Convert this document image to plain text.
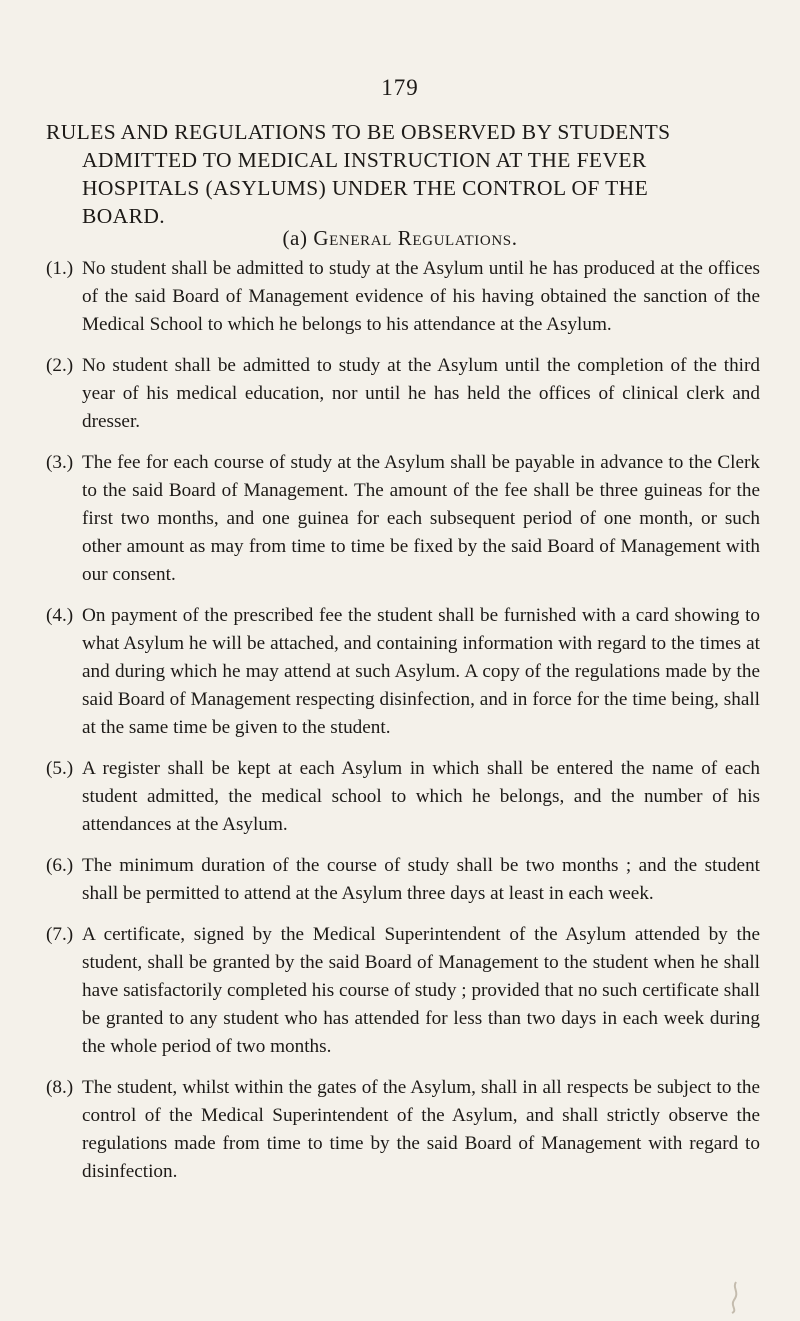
179
RULES AND REGULATIONS TO BE OBSERVED BY STUDENTS
ADMITTED TO MEDICAL INSTRUCTION AT THE FEVER
HOSPITALS (ASYLUMS) UNDER THE CONTROL OF THE
BOARD.
(a) General Regulations.
(1.) No student shall be admitted to study at the Asylum until he has produced at the offices of the said Board of Management evidence of his having obtained the sanction of the Medical School to which he belongs to his attendance at the Asylum.
(2.) No student shall be admitted to study at the Asylum until the completion of the third year of his medical education, nor until he has held the offices of clinical clerk and dresser.
(3.) The fee for each course of study at the Asylum shall be payable in advance to the Clerk to the said Board of Management. The amount of the fee shall be three guineas for the first two months, and one guinea for each subsequent period of one month, or such other amount as may from time to time be fixed by the said Board of Management with our consent.
(4.) On payment of the prescribed fee the student shall be furnished with a card showing to what Asylum he will be attached, and containing information with regard to the times at and during which he may attend at such Asylum. A copy of the regulations made by the said Board of Management respecting disinfection, and in force for the time being, shall at the same time be given to the student.
(5.) A register shall be kept at each Asylum in which shall be entered the name of each student admitted, the medical school to which he belongs, and the number of his attendances at the Asylum.
(6.) The minimum duration of the course of study shall be two months ; and the student shall be permitted to attend at the Asylum three days at least in each week.
(7.) A certificate, signed by the Medical Superintendent of the Asylum attended by the student, shall be granted by the said Board of Management to the student when he shall have satisfactorily completed his course of study ; provided that no such certificate shall be granted to any student who has attended for less than two days in each week during the whole period of two months.
(8.) The student, whilst within the gates of the Asylum, shall in all respects be subject to the control of the Medical Superintendent of the Asylum, and shall strictly observe the regulations made from time to time by the said Board of Management with regard to disinfection.
